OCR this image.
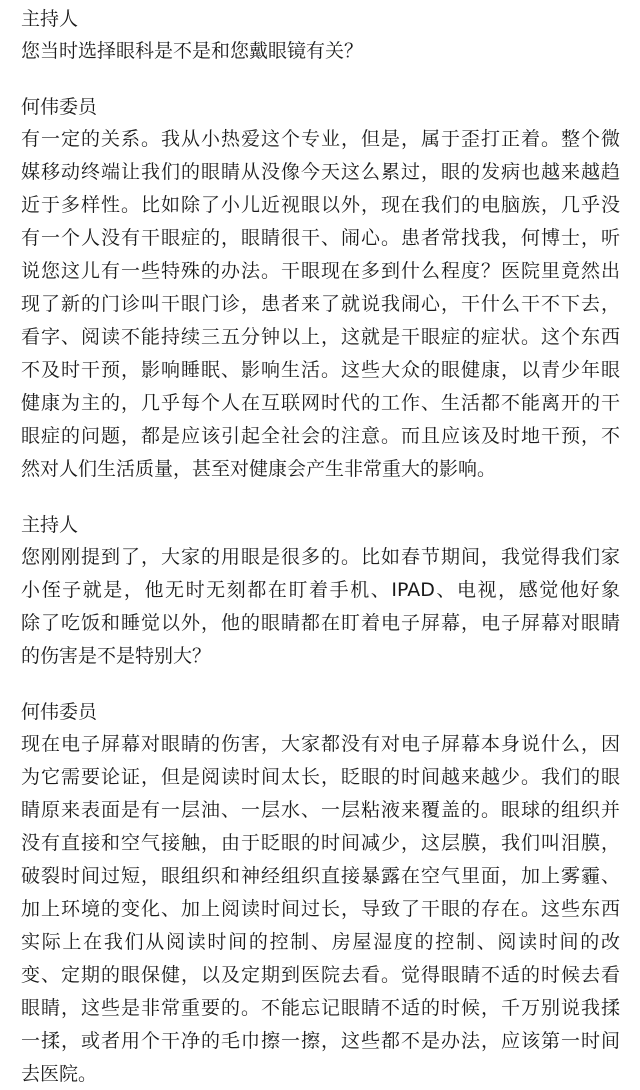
主持人
您当时选择眼科是不是和您戴眼镜有关？
何伟委员
有一定的关系。我从小热爱这个专业，但是，属于歪打正着。整个微
媒移动终端让我们的眼睛从没像今天这么累过，眼的发病也越来越趋
近于多样性。比如除了小儿近视眼以外，现在我们的电脑族，几乎没
有一个人没有干眼症的，眼睛很干、闹心。患者常找我，何博士，听
说您这儿有一些特殊的办法。干眼现在多到什么程度？医院里竟然出
现了新的门诊叫干眼门诊，患者来了就说我闹心，干什么干不下去，
看字、阅读不能持续三五分钟以上，这就是干眼症的症状。这个东西
不及时干预，影响睡眠、影响生活。这些大众的眼健康，以青少年眼
健康为主的，几乎每个人在互联网时代的工作、生活都不能离开的干
眼症的问题，都是应该引起全社会的注意。而且应该及时地干预，不
然对人们生活质量，甚至对健康会产生非常重大的影响。
主持人
您刚刚提到了，大家的用眼是很多的。比如春节期间，我觉得我们家
小侄子就是，他无时无刻都在盯着手机、IPAD、电视，感觉他好象
除了吃饭和睡觉以外，他的眼睛都在盯着电子屏幕，电子屏幕对眼睛
的伤害是不是特别大？
何伟委员
现在电子屏幕对眼睛的伤害，大家都没有对电子屏幕本身说什么，因
为它需要论证，但是阅读时间太长，眨眼的时间越来越少。我们的眼
睛原来表面是有一层油、一层水、一层粘液来覆盖的。眼球的组织并
没有直接和空气接触，由于眨眼的时间减少，这层膜，我们叫泪膜，
破裂时间过短，眼组织和神经组织直接暴露在空气里面，加上雾霾、
加上环境的变化、加上阅读时间过长，导致了干眼的存在。这些东西
实际上在我们从阅读时间的控制、房屋湿度的控制、阅读时间的改
变、定期的眼保健，以及定期到医院去看。觉得眼睛不适的时候去看
眼睛，这些是非常重要的。不能忘记眼睛不适的时候，千万别说我揉
一揉，或者用个干净的毛巾擦一擦，这些都不是办法，应该第一时间
去医院。
